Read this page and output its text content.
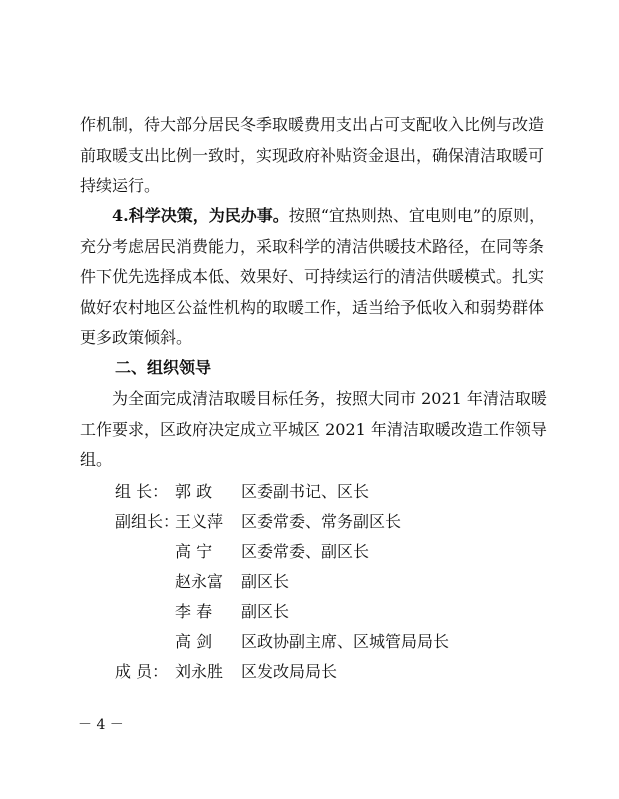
作机制，待大部分居民冬季取暖费用支出占可支配收入比例与改造
前取暖支出比例一致时，实现政府补贴资金退出，确保清洁取暖可
持续运行。

4.科学决策，为民办事。按照“宜热则热、宜电则电”的原则，
充分考虑居民消费能力，采取科学的清洁供暖技术路径，在同等条
件下优先选择成本低、效果好、可持续运行的清洁供暖模式。扎实
做好农村地区公益性机构的取暖工作，适当给予低收入和弱势群体
更多政策倾斜。

二、组织领导

为全面完成清洁取暖目标任务，按照大同市 2021 年清洁取暖
工作要求，区政府决定成立平城区 2021 年清洁取暖改造工作领导
组。

组 长： 郭 政 区委副书记、区长
副组长：
王义萍 区委常委、常务副区长
高 宁 区委常委、副区长
赵永富 副区长
李 春 副区长
高 剑 区政协副主席、区城管局局长
成 员： 刘永胜 区发改局局长
－ 4 －
